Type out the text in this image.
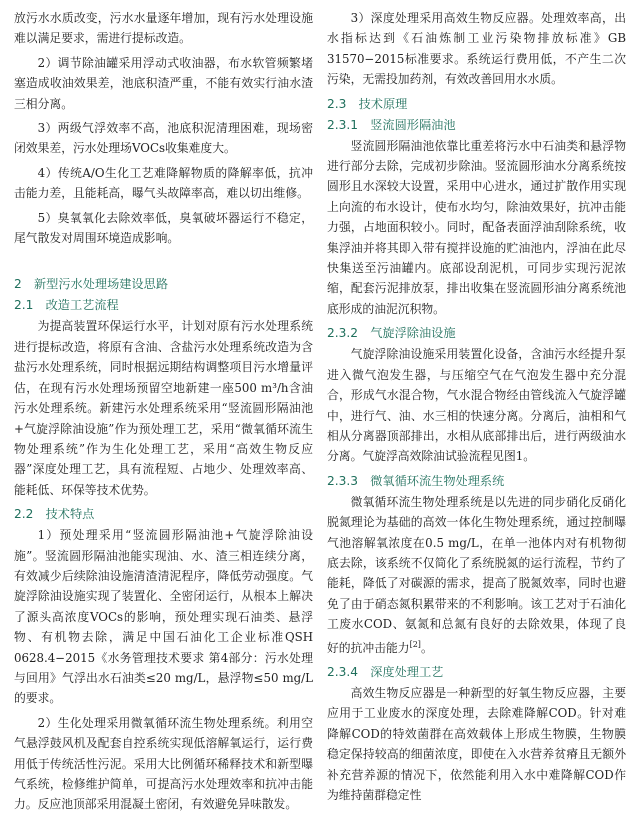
放污水水质改变，污水水量逐年增加，现有污水处理设施难以满足要求，需进行提标改造。

2）调节除油罐采用浮动式收油器，布水软管频繁堵塞造成收油效果差，池底积渣严重，不能有效实行油水渣三相分离。

3）两级气浮效率不高，池底积泥清理困难，现场密闭效果差，污水处理场VOCs收集难度大。

4）传统A/O生化工艺难降解物质的降解率低，抗冲击能力差，且能耗高，曝气头故障率高，难以切出维修。

5）臭氧氧化去除效率低，臭氧破坏器运行不稳定，尾气散发对周围环境造成影响。

2　新型污水处理场建设思路
2.1　改造工艺流程

为提高装置环保运行水平，计划对原有污水处理系统进行提标改造，将原有含油、含盐污水处理系统改造为含盐污水处理系统，同时根据远期结构调整项目污水增量评估，在现有污水处理场预留空地新建一座500 m³/h含油污水处理系统。新建污水处理系统采用“竖流圆形隔油池+气旋浮除油设施”作为预处理工艺，采用“微氧循环流生物处理系统”作为生化处理工艺，采用“高效生物反应器”深度处理工艺，具有流程短、占地少、处理效率高、能耗低、环保等技术优势。

2.2　技术特点

1）预处理采用“竖流圆形隔油池+气旋浮除油设施”。竖流圆形隔油池能实现油、水、渣三相连续分离，有效减少后续除油设施清渣清泥程序，降低劳动强度。气旋浮除油设施实现了装置化、全密闭运行，从根本上解决了源头高浓度VOCs的影响，预处理实现石油类、悬浮物、有机物去除，满足中国石油化工企业标准QSH 0628.4−2015《水务管理技术要求 第4部分：污水处理与回用》气浮出水石油类≤20 mg/L，悬浮物≤50 mg/L的要求。

2）生化处理采用微氧循环流生物处理系统。利用空气悬浮鼓风机及配套自控系统实现低溶解氧运行，运行费用低于传统活性污泥。采用大比例循环稀释技术和新型曝气系统，检修维护简单，可提高污水处理效率和抗冲击能力。反应池顶部采用混凝土密闭，有效避免异味散发。

3）深度处理采用高效生物反应器。处理效率高，出水指标达到《石油炼制工业污染物排放标准》GB 31570−2015标准要求。系统运行费用低，不产生二次污染，无需投加药剂，有效改善回用水水质。

2.3　技术原理
2.3.1　竖流圆形隔油池

竖流圆形隔油池依靠比重差将污水中石油类和悬浮物进行部分去除，完成初步除油。竖流圆形油水分离系统按圆形且水深较大设置，采用中心进水，通过扩散作用实现上向流的布水设计，使布水均匀，除油效果好，抗冲击能力强，占地面积较小。同时，配备表面浮油刮除系统，收集浮油并将其即入带有搅拌设施的贮油池内，浮油在此尽快集送至污油罐内。底部设刮泥机，可同步实现污泥浓缩，配套污泥排放泵，排出收集在竖流圆形油分离系统池底形成的油泥沉积物。

2.3.2　气旋浮除油设施

气旋浮除油设施采用装置化设备，含油污水经提升泵进入微气泡发生器，与压缩空气在气泡发生器中充分混合，形成气水混合物，气水混合物经由管线流入气旋浮罐中，进行气、油、水三相的快速分离。分离后，油相和气相从分离器顶部排出，水相从底部排出后，进行两级油水分离。气旋浮高效除油试验流程见图1。

2.3.3　微氧循环流生物处理系统

微氧循环流生物处理系统是以先进的同步硝化反硝化脱氮理论为基础的高效一体化生物处理系统，通过控制曝气池溶解氧浓度在0.5 mg/L，在单一池体内对有机物彻底去除，该系统不仅简化了系统脱氮的运行流程，节约了能耗，降低了对碳源的需求，提高了脱氮效率，同时也避免了由于硝态氮积累带来的不利影响。该工艺对于石油化工废水COD、氨氮和总氮有良好的去除效果，体现了良好的抗冲击能力[2]。

2.3.4　深度处理工艺

高效生物反应器是一种新型的好氧生物反应器，主要应用于工业废水的深度处理，去除难降解COD。针对难降解COD的特效菌群在高效载体上形成生物膜，生物膜稳定保持较高的细菌浓度，即使在入水营养贫瘠且无额外补充营养源的情况下，依然能利用入水中难降解COD作为维持菌群稳定性
